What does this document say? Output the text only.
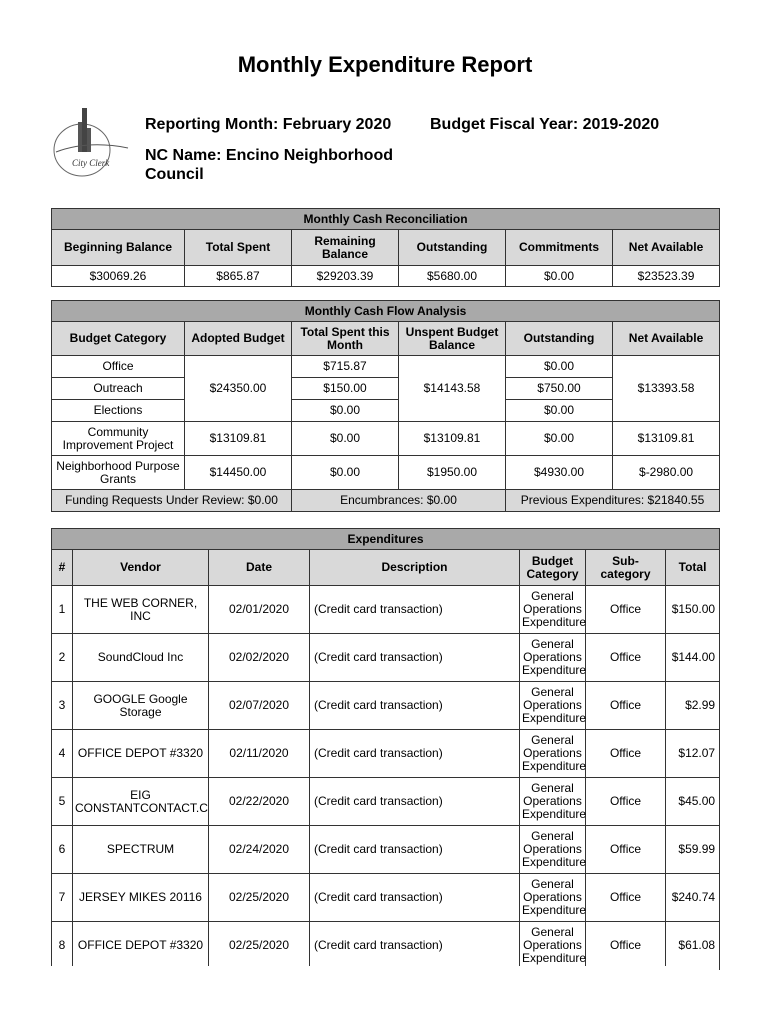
Monthly Expenditure Report
City Clerk
Reporting Month: February 2020 Budget Fiscal Year: 2019-2020
NC Name: Encino Neighborhood
Council
Monthly Cash Reconciliation					
Beginning Balance	Total Spent	Remaining Balance	Outstanding	Commitments	Net Available
$30069.26	$865.87	$29203.39	$5680.00	$0.00	$23523.39
Monthly Cash Flow Analysis					
Budget Category	Adopted Budget	Total Spent this Month	Unspent Budget Balance	Outstanding	Net Available
Office	$24350.00	$715.87	$14143.58	$0.00	$13393.58
Outreach		$150.00		$750.00	
Elections		$0.00		$0.00	
Community Improvement Project	$13109.81	$0.00	$13109.81	$0.00	$13109.81
Neighborhood Purpose Grants	$14450.00	$0.00	$1950.00	$4930.00	$-2980.00
Funding Requests Under Review: $0.00		Encumbrances: $0.00		Previous Expenditures: $21840.55	
Expenditures						
#	Vendor	Date	Description	Budget Category	Sub-category	Total
1	THE WEB CORNER, INC	02/01/2020	(Credit card transaction)	General Operations Expenditure	Office	$150.00
2	SoundCloud Inc	02/02/2020	(Credit card transaction)	General Operations Expenditure	Office	$144.00
3	GOOGLE Google Storage	02/07/2020	(Credit card transaction)	General Operations Expenditure	Office	$2.99
4	OFFICE DEPOT #3320	02/11/2020	(Credit card transaction)	General Operations Expenditure	Office	$12.07
5	EIG CONSTANTCONTACT.C	02/22/2020	(Credit card transaction)	General Operations Expenditure	Office	$45.00
6	SPECTRUM	02/24/2020	(Credit card transaction)	General Operations Expenditure	Office	$59.99
7	JERSEY MIKES 20116	02/25/2020	(Credit card transaction)	General Operations Expenditure	Office	$240.74
8	OFFICE DEPOT #3320	02/25/2020	(Credit card transaction)	General Operations Expenditure	Office	$61.08
